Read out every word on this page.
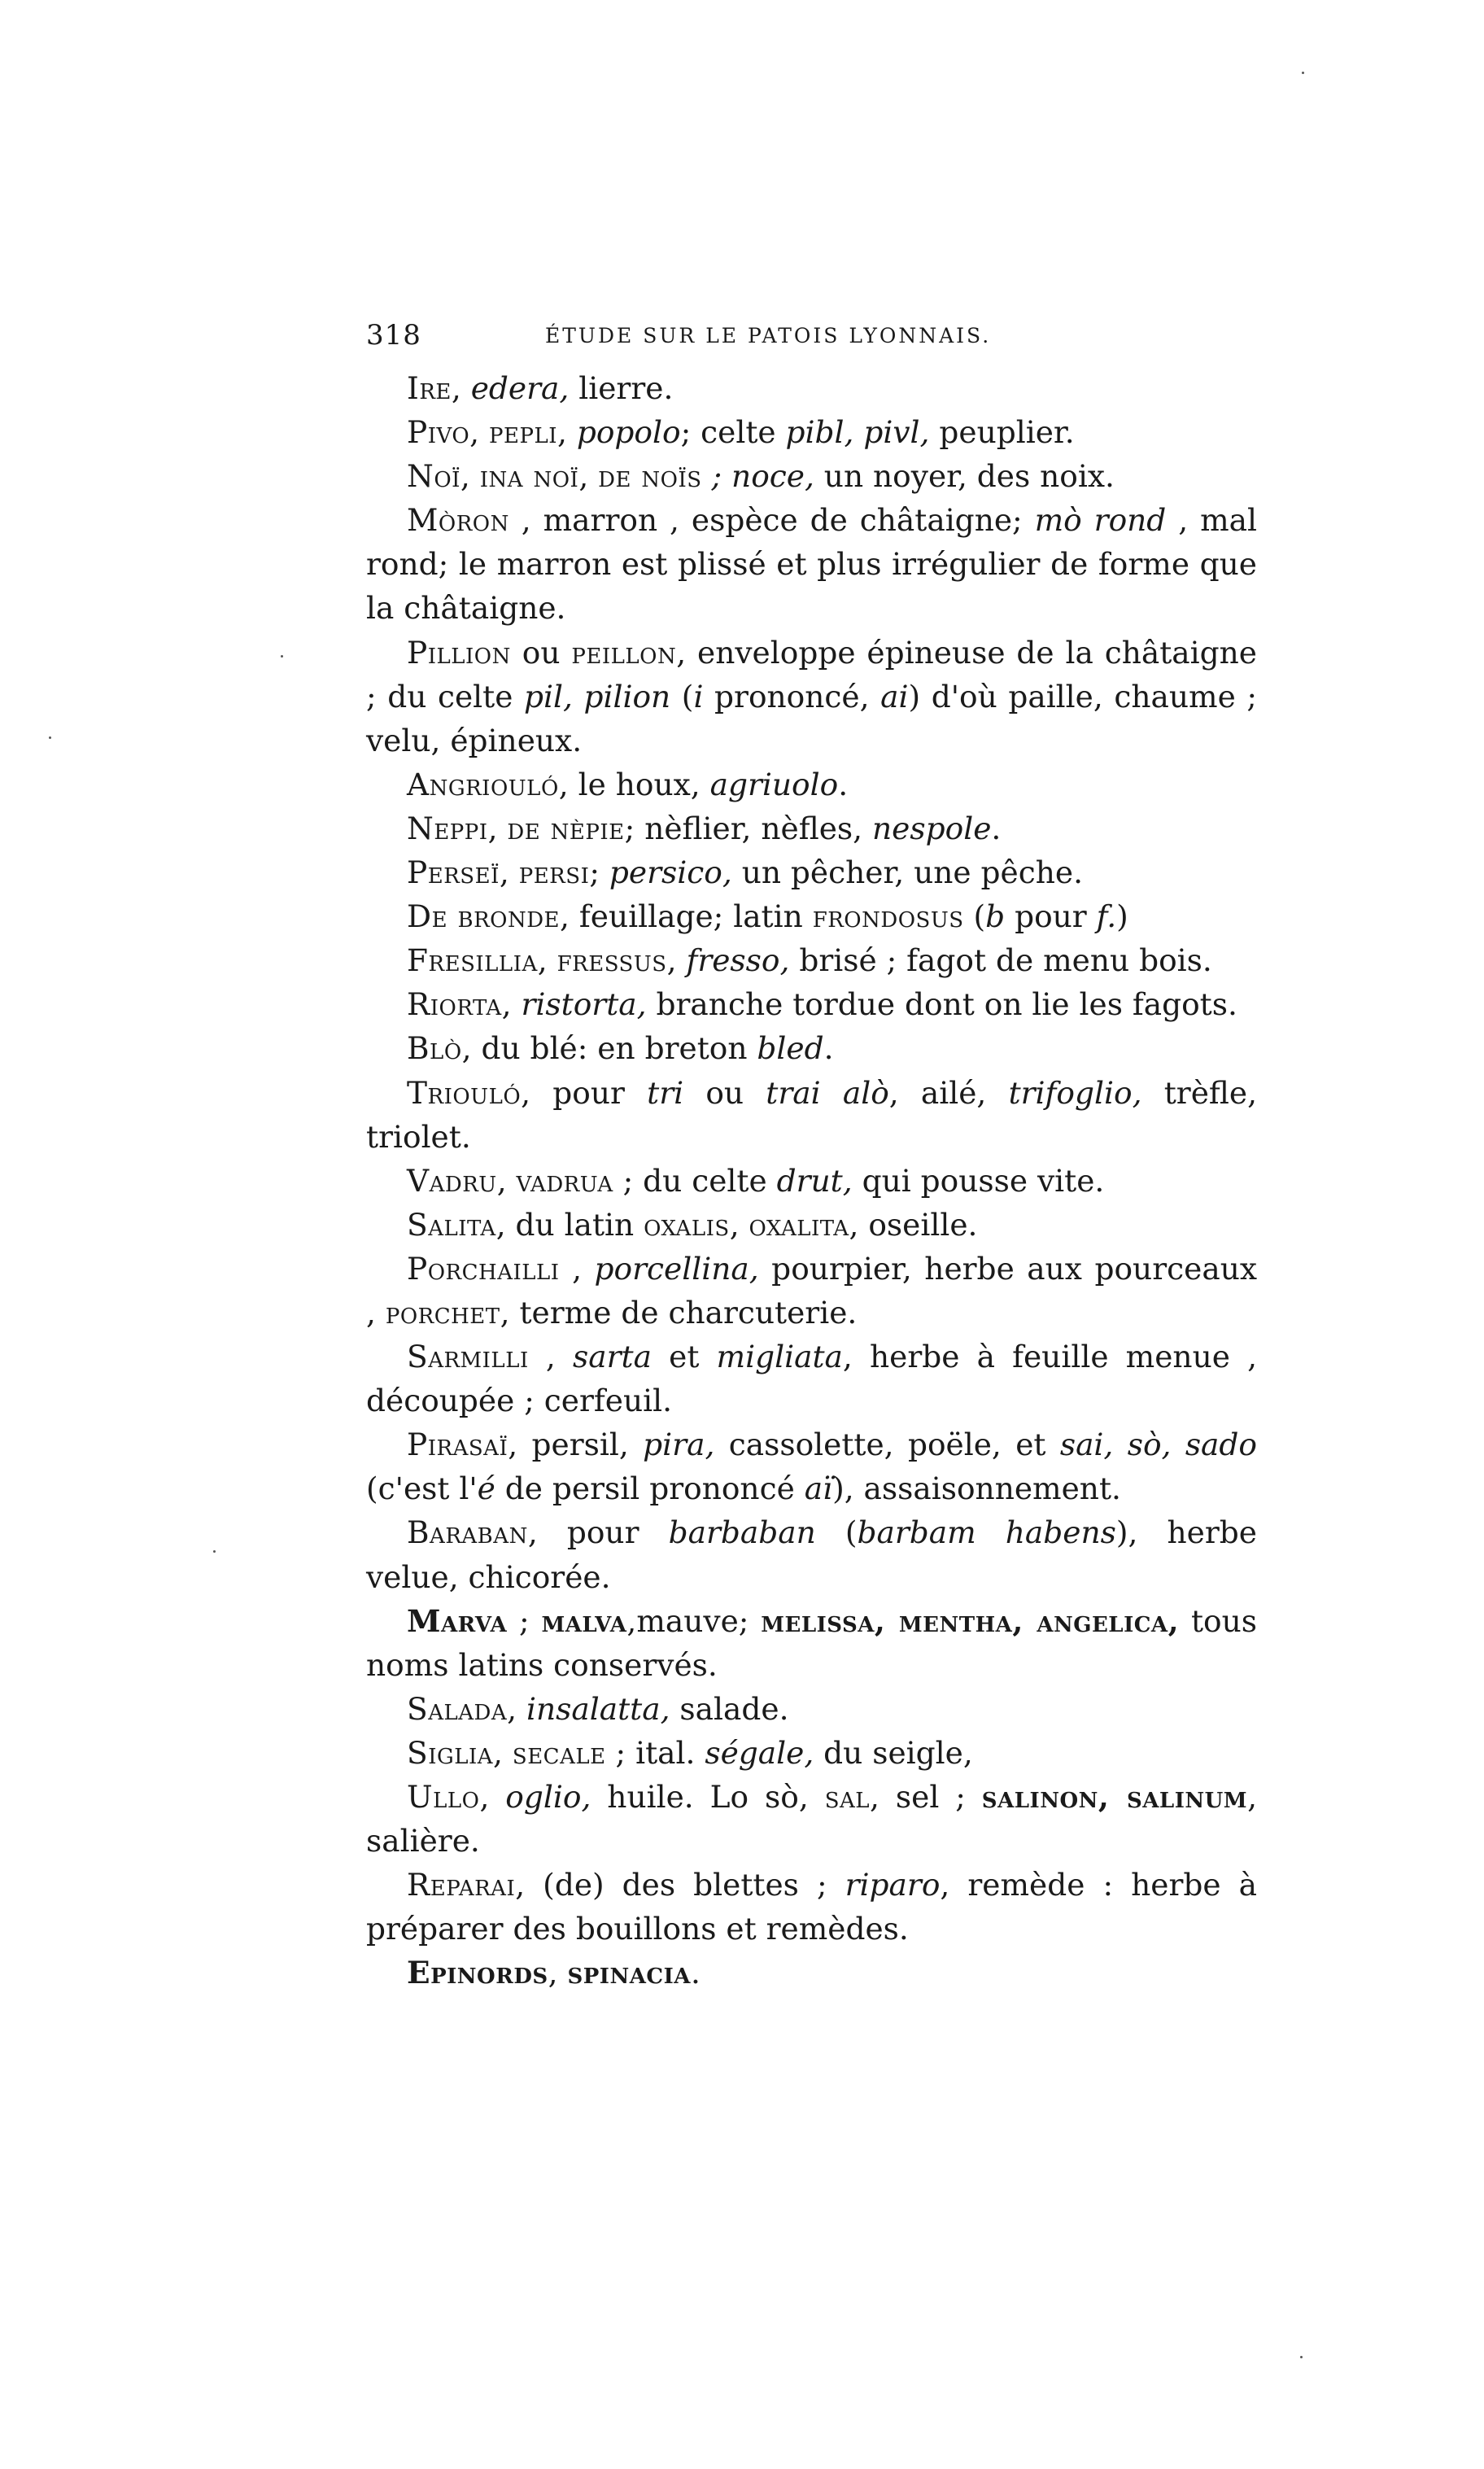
318	ÉTUDE SUR LE PATOIS LYONNAIS.

Ire, edera, lierre.

Pivo, pepli, popolo; celte pibl, pivl, peuplier.

Noï, ina noï, de noïs ; noce, un noyer, des noix.

Mòron , marron , espèce de châtaigne; mò rond , mal rond; le marron est plissé et plus irrégulier de forme que la châtaigne.

Pillion ou peillon, enveloppe épineuse de la châtaigne ; du celte pil, pilion (i prononcé, ai) d'où paille, chaume ; velu, épineux.

Angriouló, le houx, agriuolo.

Neppi, de nèpie; nèflier, nèfles, nespole.

Perseï, persi; persico, un pêcher, une pêche.

De bronde, feuillage; latin frondosus (b pour f.)

Fresillia, fressus, fresso, brisé ; fagot de menu bois.

Riorta, ristorta, branche tordue dont on lie les fagots.

Blò, du blé: en breton bled.

Triouló, pour tri ou trai alò, ailé, trifoglio, trèfle, triolet.

Vadru, vadrua ; du celte drut, qui pousse vite.

Salita, du latin oxalis, oxalita, oseille.

Porchailli , porcellina, pourpier, herbe aux pourceaux , porchet, terme de charcuterie.

Sarmilli , sarta et migliata, herbe à feuille menue , découpée ; cerfeuil.

Pirasaï, persil, pira, cassolette, poële, et sai, sò, sado (c'est l'é de persil prononcé aï), assaisonnement.

Baraban, pour barbaban (barbam habens), herbe velue, chicorée.

Marva ; malva,mauve; melissa, mentha, angelica, tous noms latins conservés.

Salada, insalatta, salade.

Siglia, secale ; ital. ségale, du seigle,

Ullo, oglio, huile. Lo sò, sal, sel ; salinon, salinum, salière.

Reparai, (de) des blettes ; riparo, remède : herbe à préparer des bouillons et remèdes.

Epinords, spinacia.
